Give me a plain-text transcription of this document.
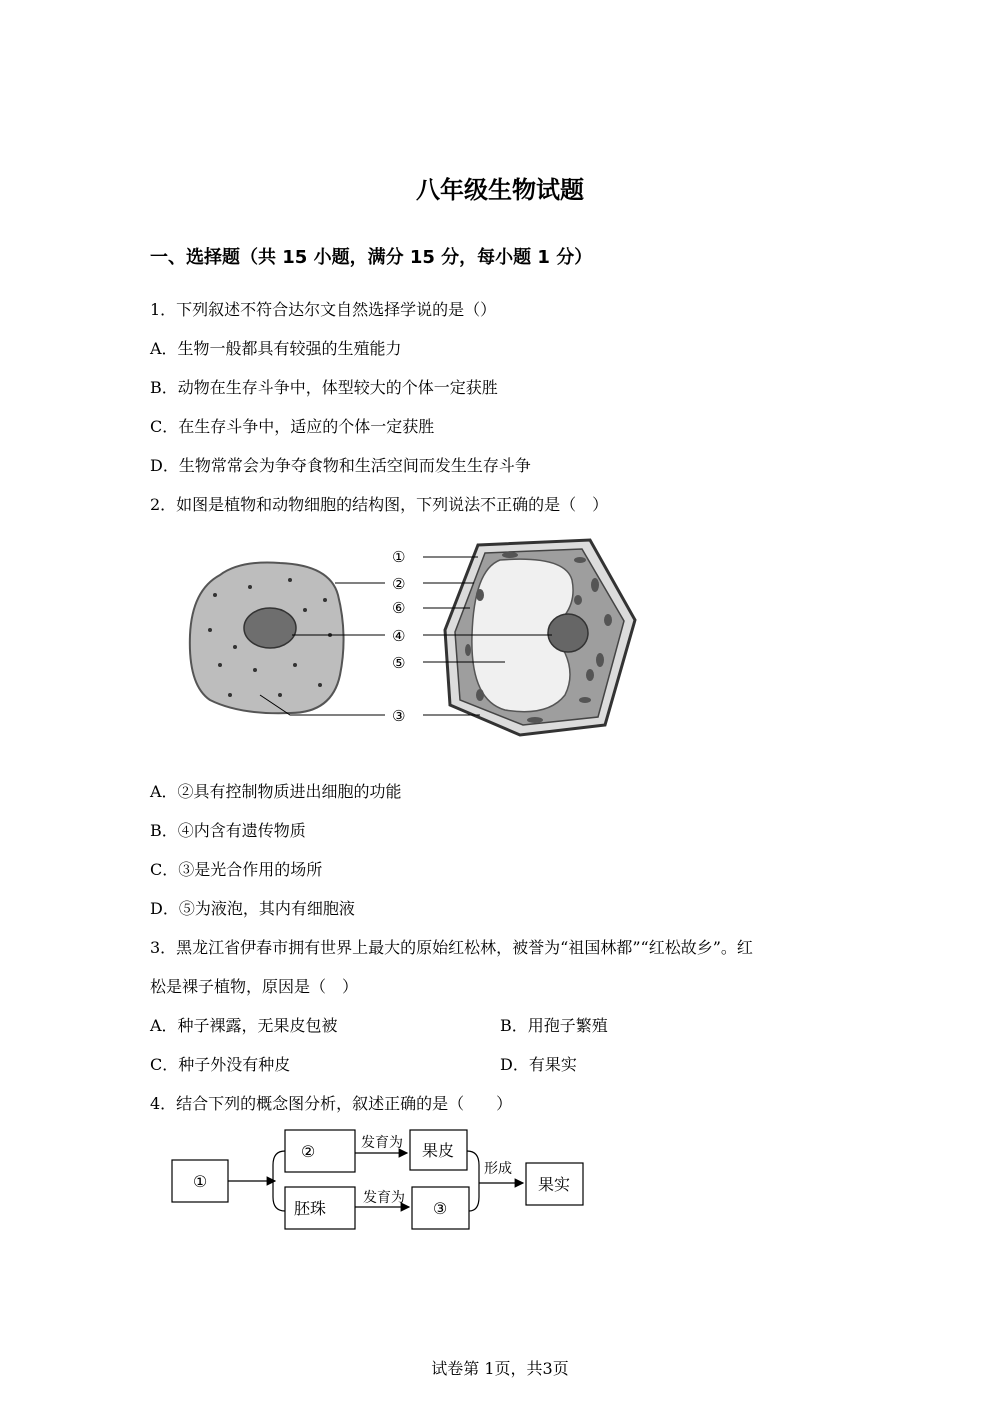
八年级生物试题
一、选择题（共 15 小题，满分 15 分，每小题 1 分）
1．下列叙述不符合达尔文自然选择学说的是（）
A．生物一般都具有较强的生殖能力
B．动物在生存斗争中，体型较大的个体一定获胜
C．在生存斗争中，适应的个体一定获胜
D．生物常常会为争夺食物和生活空间而发生生存斗争
2．如图是植物和动物细胞的结构图，下列说法不正确的是（　）
①
②
⑥
④
⑤
③
A．②具有控制物质进出细胞的功能
B．④内含有遗传物质
C．③是光合作用的场所
D．⑤为液泡，其内有细胞液
3．黑龙江省伊春市拥有世界上最大的原始红松林，被誉为“祖国林都”“红松故乡”。红
松是裸子植物，原因是（　）
A．种子裸露，无果皮包被	B．用孢子繁殖
C．种子外没有种皮	D．有果实
4．结合下列的概念图分析，叙述正确的是（　　）
①
②
胚珠
果皮
③
果实
发育为
发育为
形成
试卷第 1页，共3页
